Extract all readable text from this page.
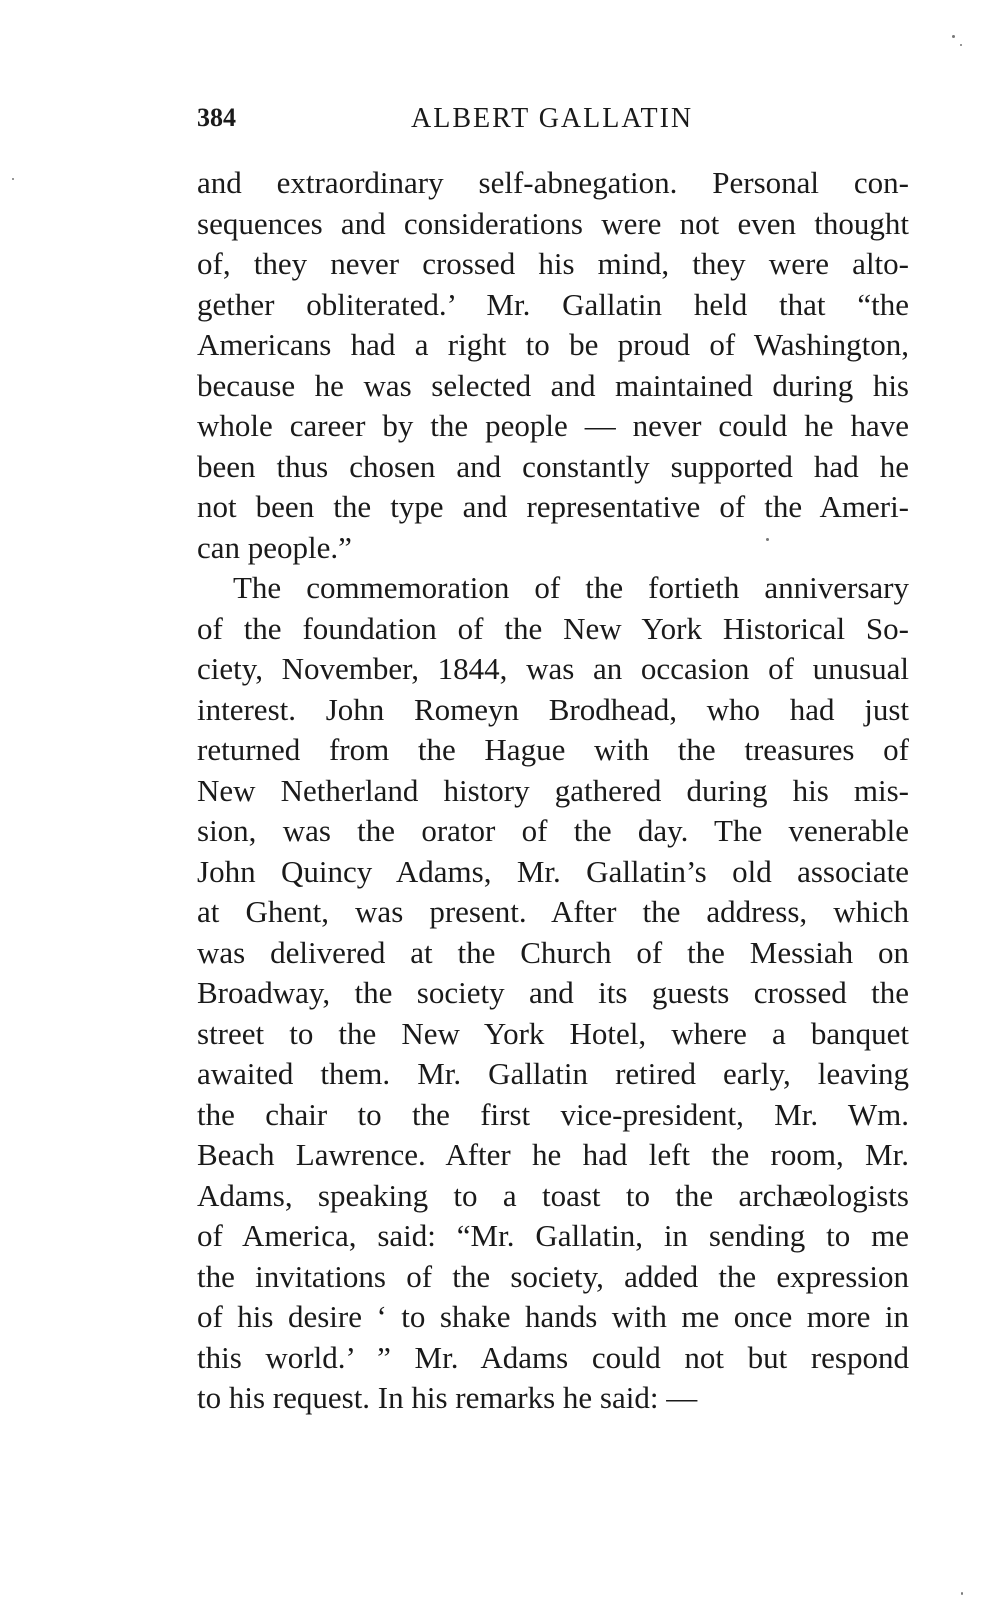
384	ALBERT GALLATIN
and extraordinary self-abnegation. Personal con-
sequences and considerations were not even thought
of, they never crossed his mind, they were alto-
gether obliterated.’ Mr. Gallatin held that “the
Americans had a right to be proud of Washington,
because he was selected and maintained during his
whole career by the people — never could he have
been thus chosen and constantly supported had he
not been the type and representative of the Ameri-
can people.”
The commemoration of the fortieth anniversary
of the foundation of the New York Historical So-
ciety, November, 1844, was an occasion of unusual
interest. John Romeyn Brodhead, who had just
returned from the Hague with the treasures of
New Netherland history gathered during his mis-
sion, was the orator of the day. The venerable
John Quincy Adams, Mr. Gallatin’s old associate
at Ghent, was present. After the address, which
was delivered at the Church of the Messiah on
Broadway, the society and its guests crossed the
street to the New York Hotel, where a banquet
awaited them. Mr. Gallatin retired early, leaving
the chair to the first vice-president, Mr. Wm.
Beach Lawrence. After he had left the room, Mr.
Adams, speaking to a toast to the archæologists
of America, said: “Mr. Gallatin, in sending to me
the invitations of the society, added the expression
of his desire ‘ to shake hands with me once more in
this world.’ ” Mr. Adams could not but respond
to his request. In his remarks he said: —
